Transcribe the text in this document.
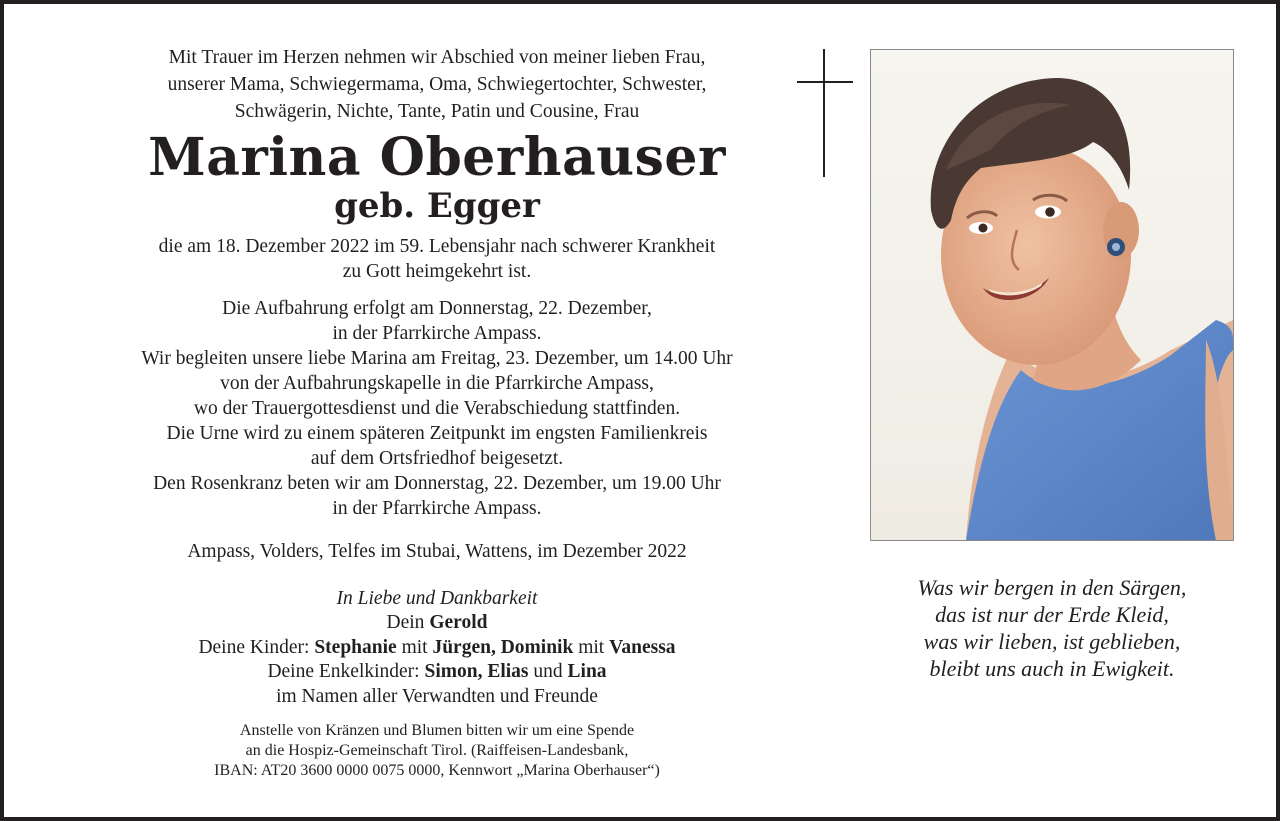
Mit Trauer im Herzen nehmen wir Abschied von meiner lieben Frau,
unserer Mama, Schwiegermama, Oma, Schwiegertochter, Schwester,
Schwägerin, Nichte, Tante, Patin und Cousine, Frau
Marina Oberhauser
geb. Egger
die am 18. Dezember 2022 im 59. Lebensjahr nach schwerer Krankheit
zu Gott heimgekehrt ist.
Die Aufbahrung erfolgt am Donnerstag, 22. Dezember,
in der Pfarrkirche Ampass.
Wir begleiten unsere liebe Marina am Freitag, 23. Dezember, um 14.00 Uhr
von der Aufbahrungskapelle in die Pfarrkirche Ampass,
wo der Trauergottesdienst und die Verabschiedung stattfinden.
Die Urne wird zu einem späteren Zeitpunkt im engsten Familienkreis
auf dem Ortsfriedhof beigesetzt.
Den Rosenkranz beten wir am Donnerstag, 22. Dezember, um 19.00 Uhr
in der Pfarrkirche Ampass.
Ampass, Volders, Telfes im Stubai, Wattens, im Dezember 2022
In Liebe und Dankbarkeit
Dein Gerold
Deine Kinder: Stephanie mit Jürgen, Dominik mit Vanessa
Deine Enkelkinder: Simon, Elias und Lina
im Namen aller Verwandten und Freunde
Anstelle von Kränzen und Blumen bitten wir um eine Spende
an die Hospiz-Gemeinschaft Tirol. (Raiffeisen-Landesbank,
IBAN: AT20 3600 0000 0075 0000, Kennwort „Marina Oberhauser“)
Was wir bergen in den Särgen,
das ist nur der Erde Kleid,
was wir lieben, ist geblieben,
bleibt uns auch in Ewigkeit.
